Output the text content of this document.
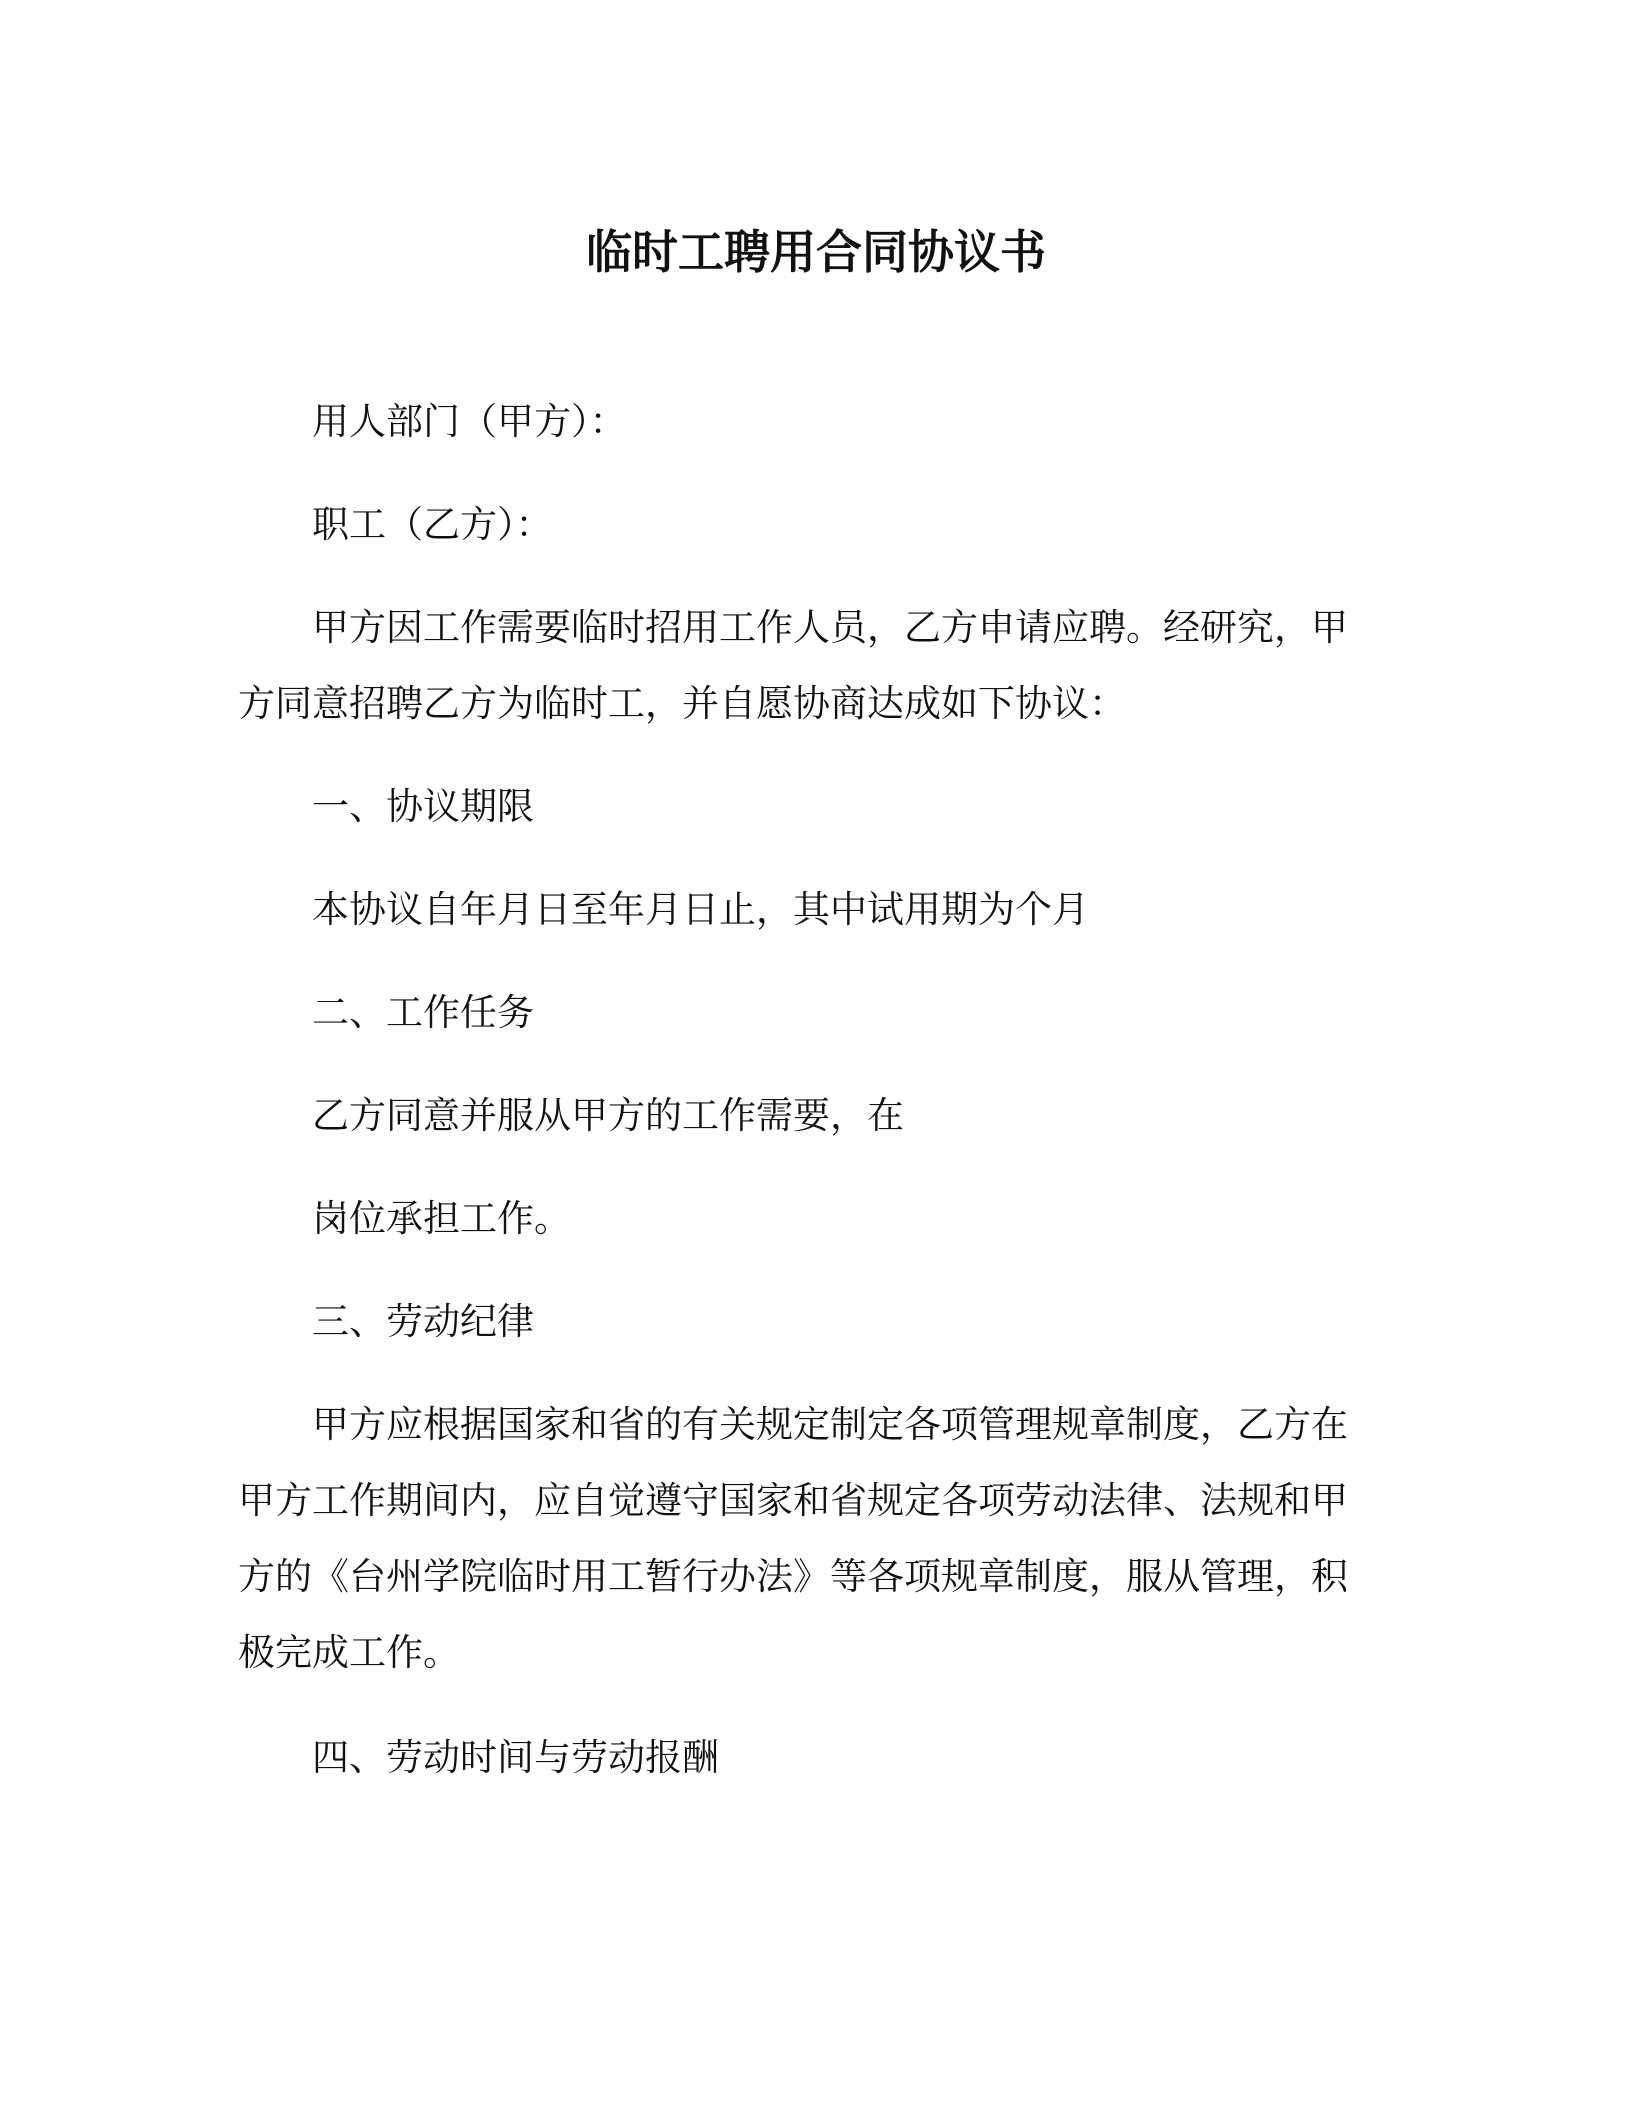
临时工聘用合同协议书
用人部门（甲方）：
职工（乙方）：
甲方因工作需要临时招用工作人员，乙方申请应聘。经研究，甲
方同意招聘乙方为临时工，并自愿协商达成如下协议：
一、协议期限
本协议自年月日至年月日止，其中试用期为个月
二、工作任务
乙方同意并服从甲方的工作需要，在
岗位承担工作。
三、劳动纪律
甲方应根据国家和省的有关规定制定各项管理规章制度，乙方在
甲方工作期间内，应自觉遵守国家和省规定各项劳动法律、法规和甲
方的《台州学院临时用工暂行办法》等各项规章制度，服从管理，积
极完成工作。
四、劳动时间与劳动报酬
